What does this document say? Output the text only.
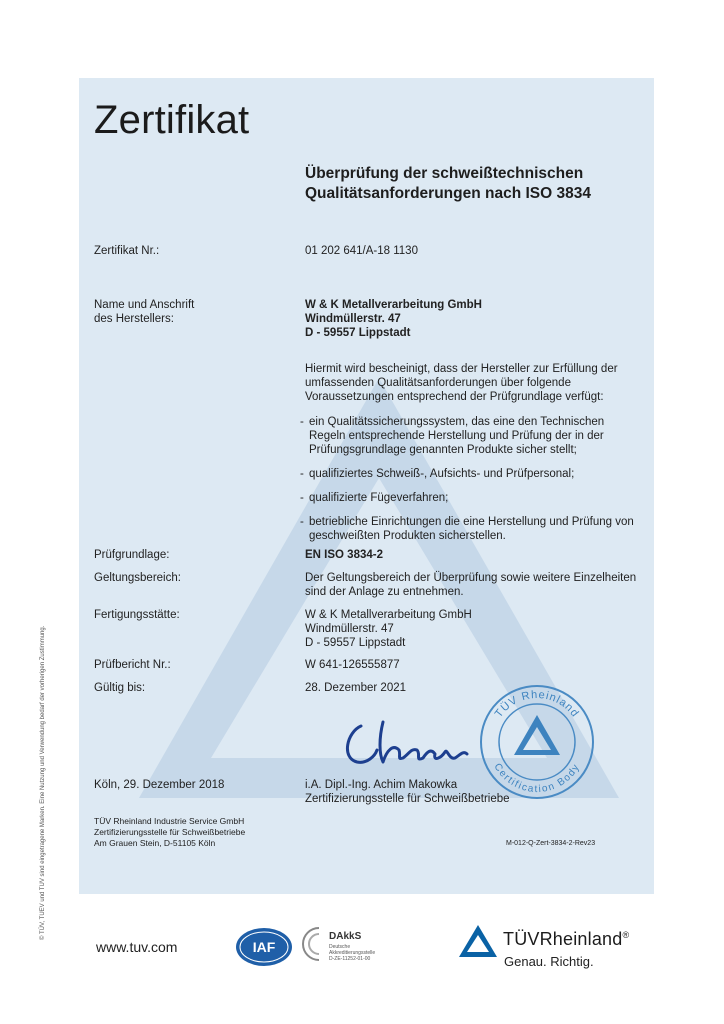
Zertifikat
Überprüfung der schweißtechnischen Qualitätsanforderungen nach ISO 3834
Zertifikat Nr.:	01 202 641/A-18 1130
Name und Anschrift
des Herstellers:
W & K Metallverarbeitung GmbH
Windmüllerstr. 47
D - 59557 Lippstadt
Hiermit wird bescheinigt, dass der Hersteller zur Erfüllung der umfassenden Qualitätsanforderungen über folgende Voraussetzungen entsprechend der Prüfgrundlage verfügt:
- ein Qualitätssicherungssystem, das eine den Technischen Regeln entsprechende Herstellung und Prüfung der in der Prüfungsgrundlage genannten Produkte sicher stellt;
- qualifiziertes Schweiß-, Aufsichts- und Prüfpersonal;
- qualifizierte Fügeverfahren;
- betriebliche Einrichtungen die eine Herstellung und Prüfung von geschweißten Produkten sicherstellen.
Prüfgrundlage:	EN ISO 3834-2
Geltungsbereich:	Der Geltungsbereich der Überprüfung sowie weitere Einzelheiten sind der Anlage zu entnehmen.
Fertigungsstätte:	W & K Metallverarbeitung GmbH
Windmüllerstr. 47
D - 59557 Lippstadt
Prüfbericht Nr.:	W 641-126555877
Gültig bis:	28. Dezember 2021
TÜV Rheinland
Certification Body
Köln, 29. Dezember 2018	i.A. Dipl.-Ing. Achim Makowka
Zertifizierungsstelle für Schweißbetriebe
TÜV Rheinland Industrie Service GmbH
Zertifizierungsstelle für Schweißbetriebe
Am Grauen Stein, D-51105 Köln	M-012-Q-Zert-3834-2-Rev23
© TÜV, TUEV und TUV sind eingetragene Marken. Eine Nutzung und Verwendung bedarf der vorherigen Zustimmung.
www.tuv.com	IAF
DAkkS
Deutsche
Akkreditierungsstelle
D-ZE-11252-01-00
TÜVRheinland®
Genau. Richtig.
